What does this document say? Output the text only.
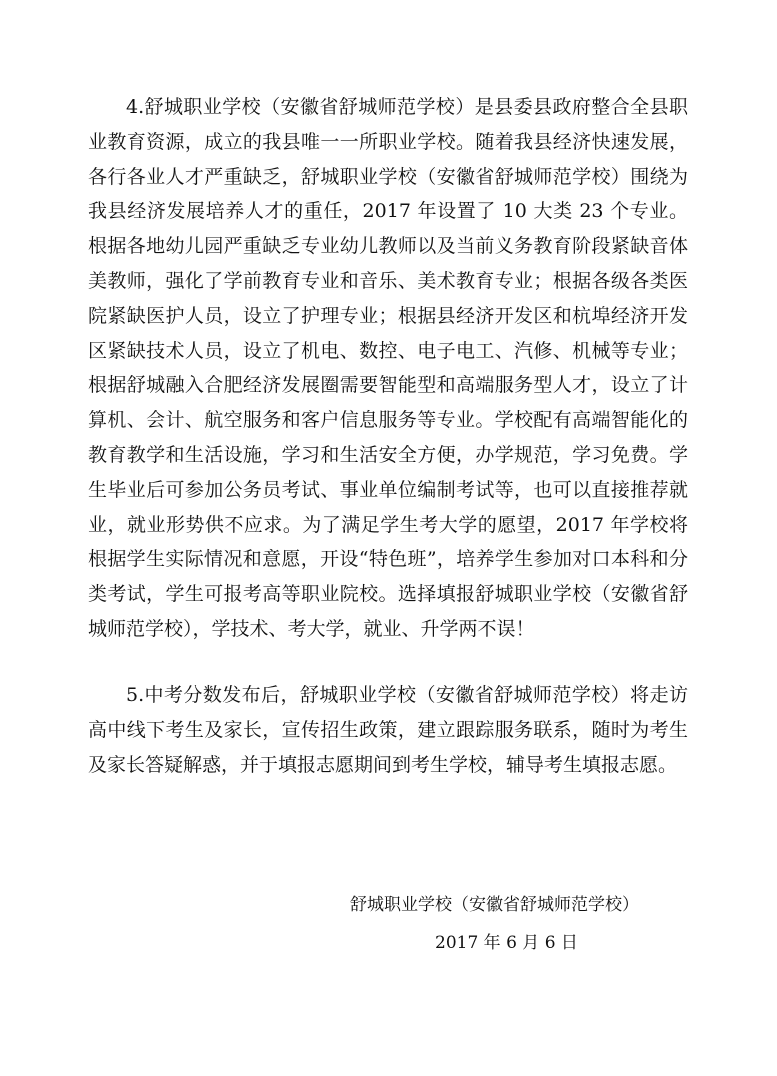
4.舒城职业学校（安徽省舒城师范学校）是县委县政府整合全县职业教育资源，成立的我县唯一一所职业学校。随着我县经济快速发展，各行各业人才严重缺乏，舒城职业学校（安徽省舒城师范学校）围绕为我县经济发展培养人才的重任，2017 年设置了 10 大类 23 个专业。根据各地幼儿园严重缺乏专业幼儿教师以及当前义务教育阶段紧缺音体美教师，强化了学前教育专业和音乐、美术教育专业；根据各级各类医院紧缺医护人员，设立了护理专业；根据县经济开发区和杭埠经济开发区紧缺技术人员，设立了机电、数控、电子电工、汽修、机械等专业；根据舒城融入合肥经济发展圈需要智能型和高端服务型人才，设立了计算机、会计、航空服务和客户信息服务等专业。学校配有高端智能化的教育教学和生活设施，学习和生活安全方便，办学规范，学习免费。学生毕业后可参加公务员考试、事业单位编制考试等，也可以直接推荐就业，就业形势供不应求。为了满足学生考大学的愿望，2017 年学校将根据学生实际情况和意愿，开设“特色班”，培养学生参加对口本科和分类考试，学生可报考高等职业院校。选择填报舒城职业学校（安徽省舒城师范学校），学技术、考大学，就业、升学两不误！

5.中考分数发布后，舒城职业学校（安徽省舒城师范学校）将走访高中线下考生及家长，宣传招生政策，建立跟踪服务联系，随时为考生及家长答疑解惑，并于填报志愿期间到考生学校，辅导考生填报志愿。

舒城职业学校（安徽省舒城师范学校）
2017 年 6 月 6 日
